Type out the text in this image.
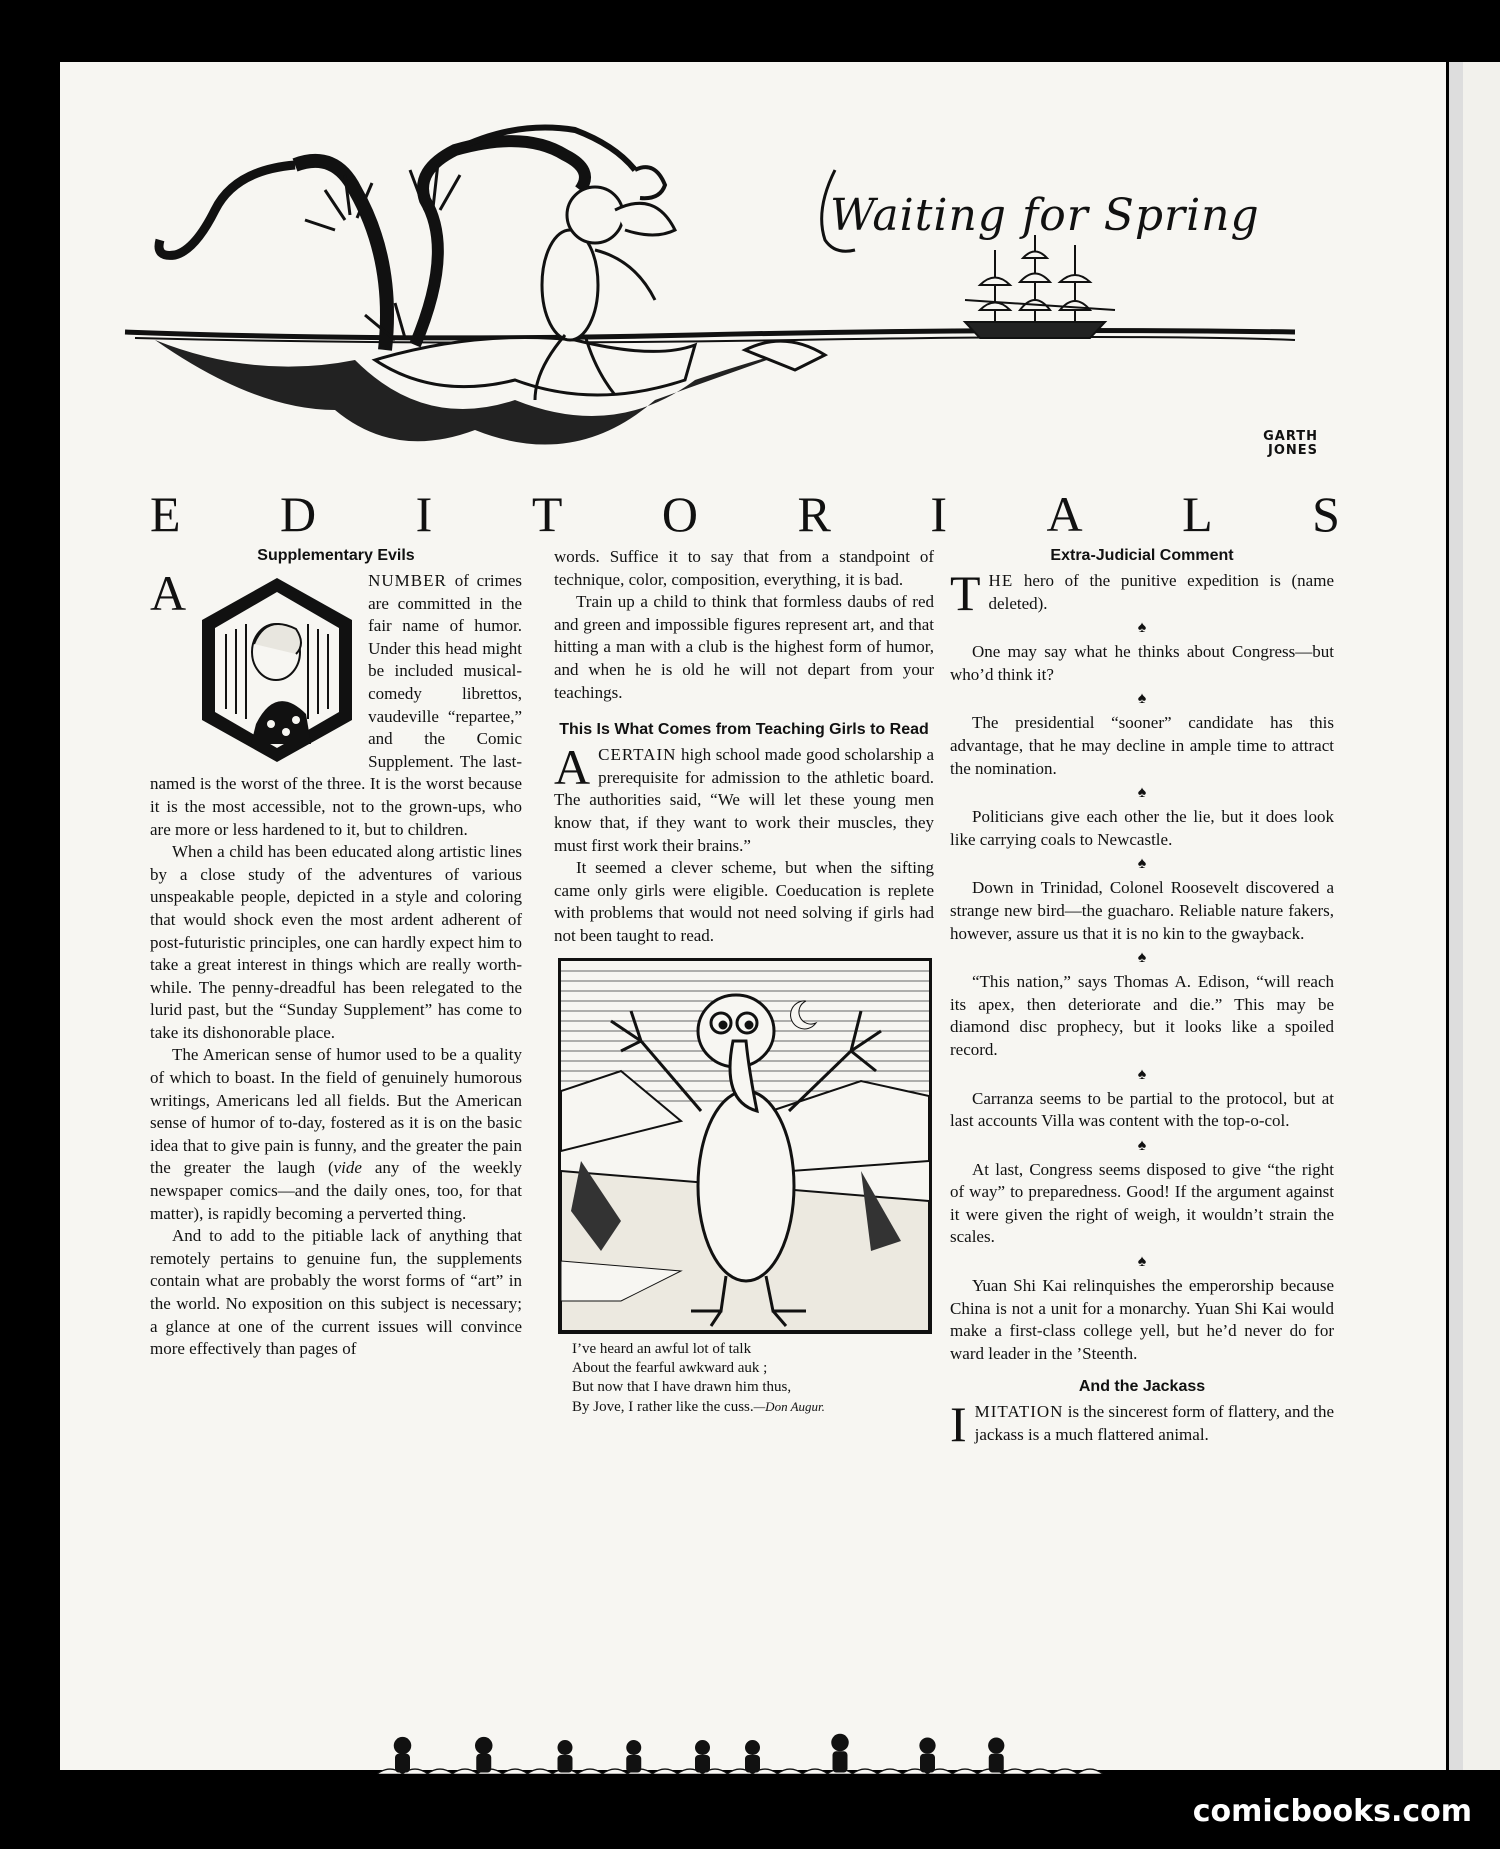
Waiting for Spring
GARTH
JONES
E D I T O R I A L S
Supplementary Evils

A	NUMBER of crimes are committed in the fair name of humor. Under this head might be included musical-comedy librettos, vaudeville “repartee,” and the Comic Supplement. The last-named is the worst of the three. It is the worst because it is the most accessible, not to the grown-ups, who are more or less hardened to it, but to children.

When a child has been educated along artistic lines by a close study of the adventures of various unspeakable people, depicted in a style and coloring that would shock even the most ardent adherent of post-futuristic principles, one can hardly expect him to take a great interest in things which are really worth-while. The penny-dreadful has been relegated to the lurid past, but the “Sunday Supplement” has come to take its dishonorable place.

The American sense of humor used to be a quality of which to boast. In the field of genuinely humorous writings, Americans led all fields. But the American sense of humor of to-day, fostered as it is on the basic idea that to give pain is funny, and the greater the pain the greater the laugh (vide any of the weekly newspaper comics—and the daily ones, too, for that matter), is rapidly becoming a perverted thing.

And to add to the pitiable lack of anything that remotely pertains to genuine fun, the supplements contain what are probably the worst forms of “art” in the world. No exposition on this subject is necessary; a glance at one of the current issues will convince more effectively than pages of

words. Suffice it to say that from a standpoint of technique, color, composition, everything, it is bad.

Train up a child to think that formless daubs of red and green and impossible figures represent art, and that hitting a man with a club is the highest form of humor, and when he is old he will not depart from your teachings.

This Is What Comes from Teaching Girls to Read

ACERTAIN high school made good scholarship a prerequisite for admission to the athletic board. The authorities said, “We will let these young men know that, if they want to work their muscles, they must first work their brains.”

It seemed a clever scheme, but when the sifting came only girls were eligible. Coeducation is replete with problems that would not need solving if girls had not been taught to read.

I’ve heard an awful lot of talk
About the fearful awkward auk ;
But now that I have drawn him thus,
By Jove, I rather like the cuss.—Don Augur.
Extra-Judicial Comment

THE hero of the punitive expedition is (name deleted).

♠

One may say what he thinks about Congress—but who’d think it?

♠

The presidential “sooner” candidate has this advantage, that he may decline in ample time to attract the nomination.

♠

Politicians give each other the lie, but it does look like carrying coals to Newcastle.

♠

Down in Trinidad, Colonel Roosevelt discovered a strange new bird—the guacharo. Reliable nature fakers, however, assure us that it is no kin to the gwayback.

♠

“This nation,” says Thomas A. Edison, “will reach its apex, then deteriorate and die.” This may be diamond disc prophecy, but it looks like a spoiled record.

♠

Carranza seems to be partial to the protocol, but at last accounts Villa was content with the top-o-col.

♠

At last, Congress seems disposed to give “the right of way” to preparedness. Good! If the argument against it were given the right of weigh, it wouldn’t strain the scales.

♠

Yuan Shi Kai relinquishes the emperorship because China is not a unit for a monarchy. Yuan Shi Kai would make a first-class college yell, but he’d never do for ward leader in the ’Steenth.

And the Jackass

IMITATION is the sincerest form of flattery, and the jackass is a much flattered animal.

comicbooks.com
